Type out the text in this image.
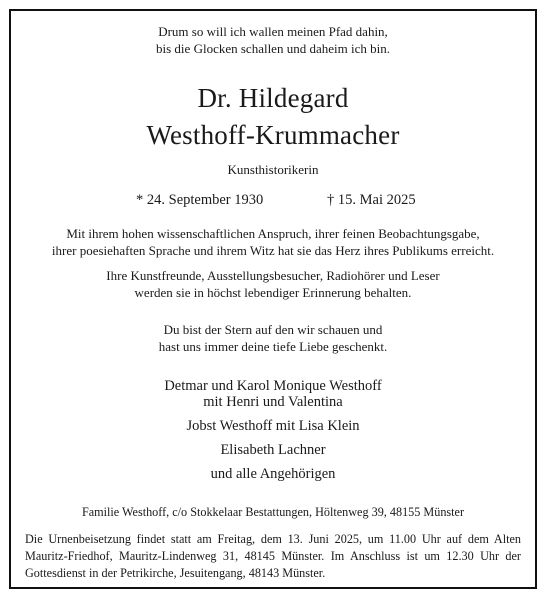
Drum so will ich wallen meinen Pfad dahin,

bis die Glocken schallen und daheim ich bin.

Dr. Hildegard

Westhoff-Krummacher

Kunsthistorikerin

* 24. September 1930	† 15. Mai 2025

Mit ihrem hohen wissenschaftlichen Anspruch, ihrer feinen Beobachtungsgabe,

ihrer poesiehaften Sprache und ihrem Witz hat sie das Herz ihres Publikums erreicht.

Ihre Kunstfreunde, Ausstellungsbesucher, Radiohörer und Leser

werden sie in höchst lebendiger Erinnerung behalten.

Du bist der Stern auf den wir schauen und

hast uns immer deine tiefe Liebe geschenkt.

Detmar und Karol Monique Westhoff

mit Henri und Valentina

Jobst Westhoff mit Lisa Klein

Elisabeth Lachner

und alle Angehörigen

Familie Westhoff, c/o Stokkelaar Bestattungen, Höltenweg 39, 48155 Münster

Die Urnenbeisetzung findet statt am Freitag, dem 13. Juni 2025, um 11.00 Uhr auf dem Alten Mauritz-Friedhof, Mauritz-Lindenweg 31, 48145 Münster. Im Anschluss ist um 12.30 Uhr der Gottesdienst in der Petrikirche, Jesuitengang, 48143 Münster.
